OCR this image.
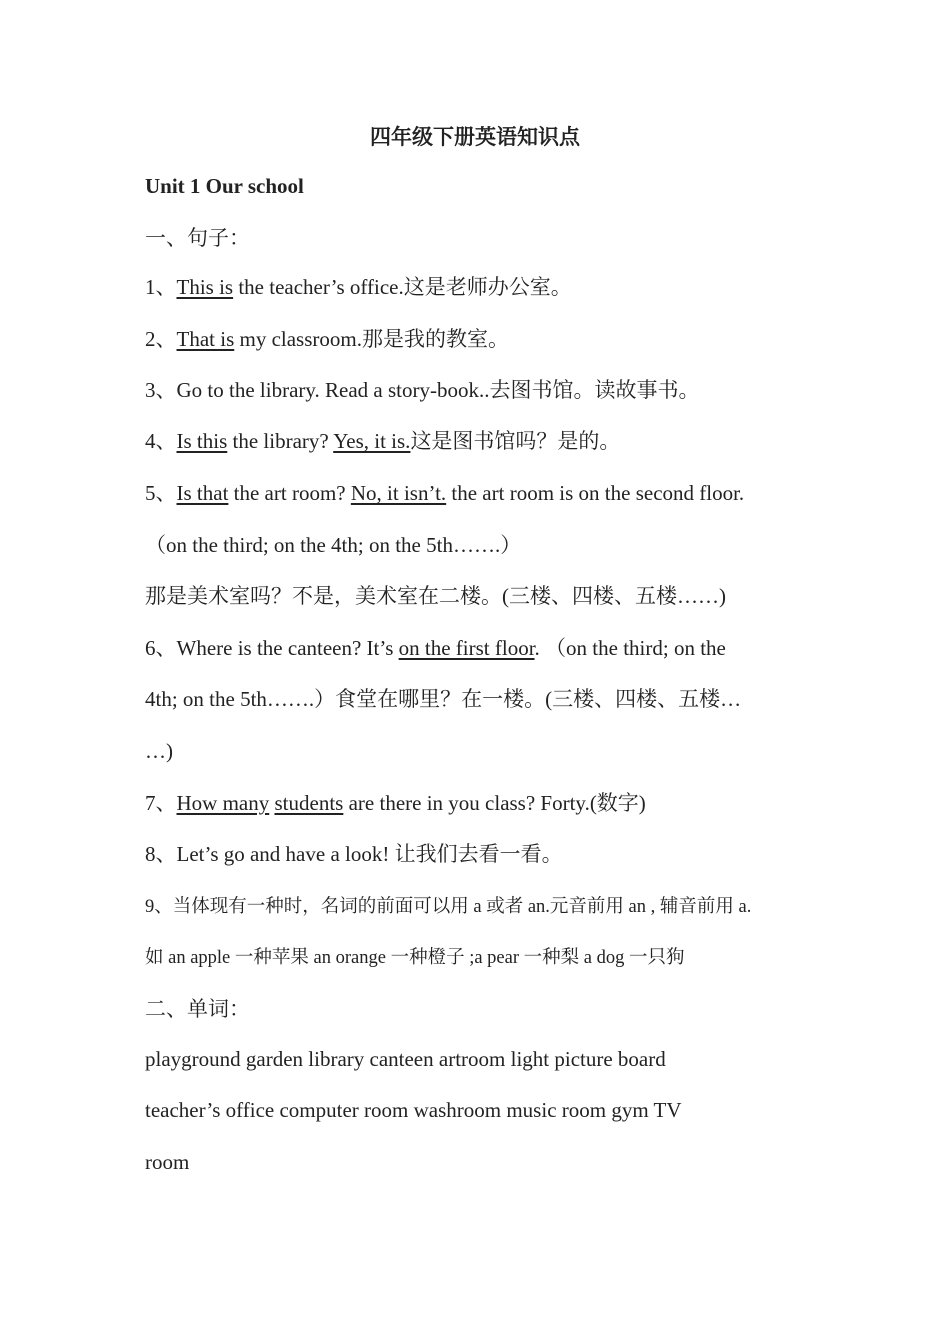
四年级下册英语知识点
Unit 1 Our school
一、句子：
1、This is the teacher’s office.这是老师办公室。
2、That is my classroom.那是我的教室。
3、Go to the library. Read a story-book..去图书馆。读故事书。
4、Is this the library? Yes, it is.这是图书馆吗？是的。
5、Is that the art room? No, it isn’t. the art room is on the second floor.
（on the third; on the 4th; on the 5th…….）
那是美术室吗？不是，美术室在二楼。(三楼、四楼、五楼……)
6、Where is the canteen? It’s on the first floor. （on the third; on the
4th; on the 5th…….）食堂在哪里？在一楼。(三楼、四楼、五楼…
…)
7、How many students are there in you class? Forty.(数字)
8、Let’s go and have a look! 让我们去看一看。
9、当体现有一种时，名词的前面可以用 a 或者 an.元音前用 an , 辅音前用 a.
如 an apple 一种苹果 an orange 一种橙子 ;a pear 一种梨 a dog 一只狗
二、单词：
playground garden library canteen artroom light picture board
teacher’s office computer room washroom music room gym TV
room
